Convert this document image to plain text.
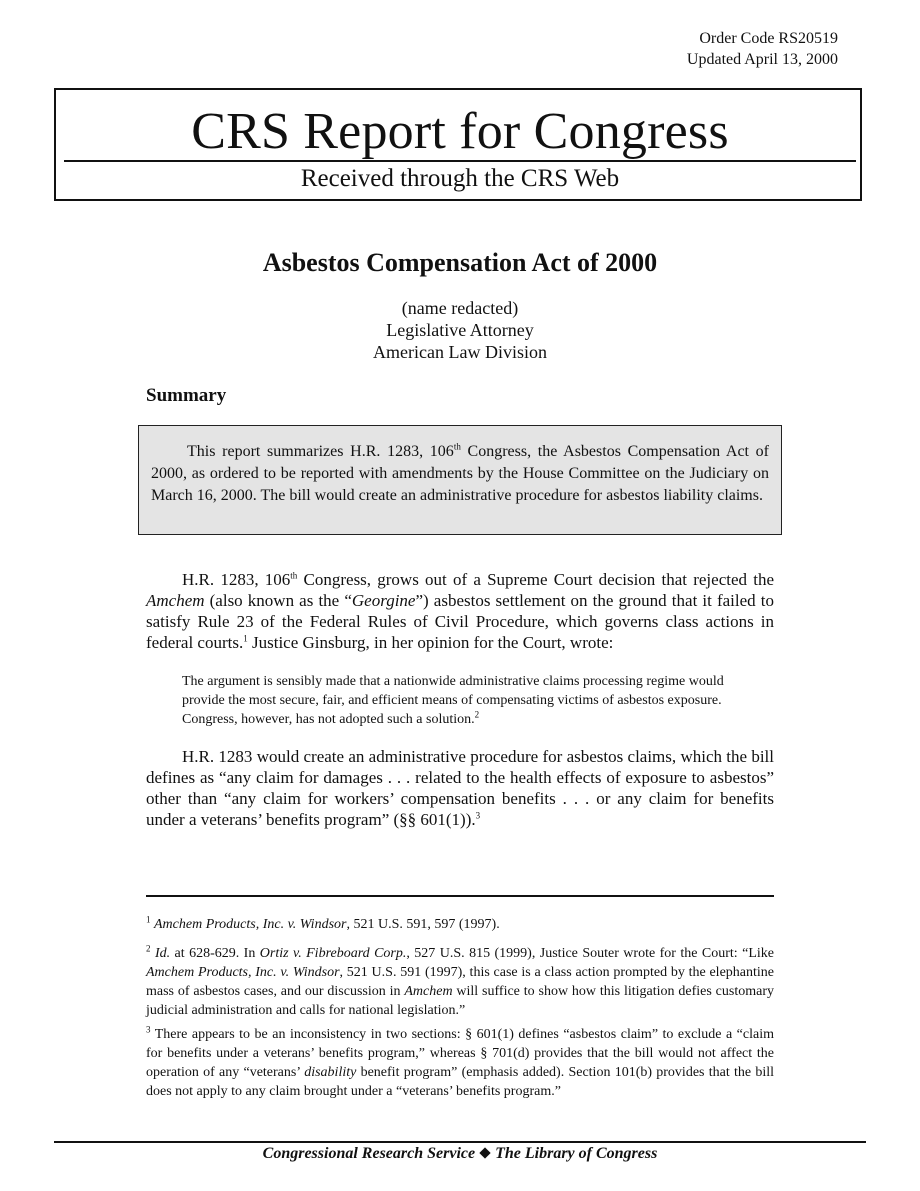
Order Code RS20519
Updated April 13, 2000
CRS Report for Congress
Received through the CRS Web
Asbestos Compensation Act of 2000
(name redacted)
Legislative Attorney
American Law Division
Summary
This report summarizes H.R. 1283, 106th Congress, the Asbestos Compensation Act of 2000, as ordered to be reported with amendments by the House Committee on the Judiciary on March 16, 2000. The bill would create an administrative procedure for asbestos liability claims.
H.R. 1283, 106th Congress, grows out of a Supreme Court decision that rejected the Amchem (also known as the “Georgine”) asbestos settlement on the ground that it failed to satisfy Rule 23 of the Federal Rules of Civil Procedure, which governs class actions in federal courts.$^1$ Justice Ginsburg, in her opinion for the Court, wrote:
The argument is sensibly made that a nationwide administrative claims processing regime would provide the most secure, fair, and efficient means of compensating victims of asbestos exposure. Congress, however, has not adopted such a solution.$^2$
H.R. 1283 would create an administrative procedure for asbestos claims, which the bill defines as “any claim for damages . . . related to the health effects of exposure to asbestos” other than “any claim for workers’ compensation benefits . . . or any claim for benefits under a veterans’ benefits program” (§§ 601(1)).$^3$
$^1$ Amchem Products, Inc. v. Windsor, 521 U.S. 591, 597 (1997).
$^2$ Id. at 628-629. In Ortiz v. Fibreboard Corp., 527 U.S. 815 (1999), Justice Souter wrote for the Court: “Like Amchem Products, Inc. v. Windsor, 521 U.S. 591 (1997), this case is a class action prompted by the elephantine mass of asbestos cases, and our discussion in Amchem will suffice to show how this litigation defies customary judicial administration and calls for national legislation.”
$^3$ There appears to be an inconsistency in two sections: § 601(1) defines “asbestos claim” to exclude a “claim for benefits under a veterans’ benefits program,” whereas § 701(d) provides that the bill would not affect the operation of any “veterans’ disability benefit program” (emphasis added). Section 101(b) provides that the bill does not apply to any claim brought under a “veterans’ benefits program.”
Congressional Research Service The Library of Congress
